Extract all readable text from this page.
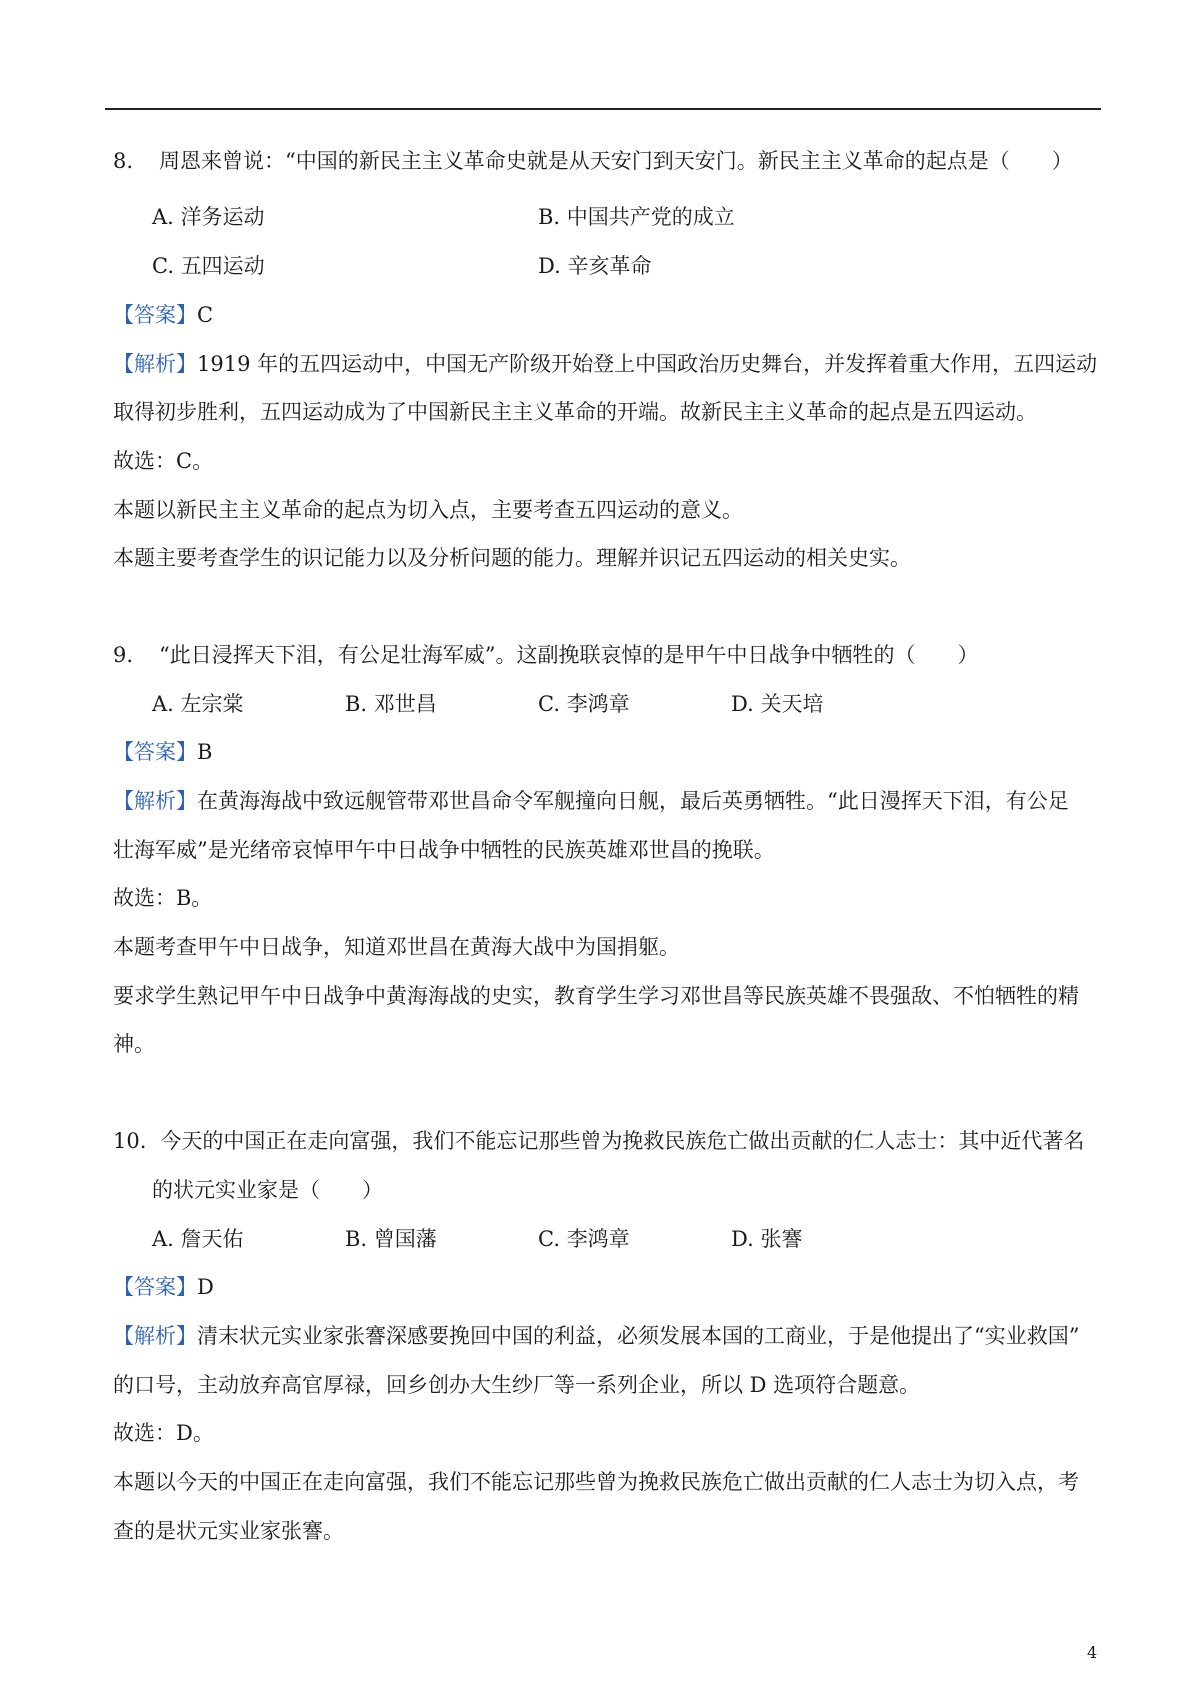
8. 周恩来曾说：“中国的新民主主义革命史就是从天安门到天安门。新民主主义革命的起点是（　　）
A. 洋务运动	B. 中国共产党的成立
C. 五四运动	D. 辛亥革命
【答案】C
【解析】1919 年的五四运动中，中国无产阶级开始登上中国政治历史舞台，并发挥着重大作用，五四运动
取得初步胜利，五四运动成为了中国新民主主义革命的开端。故新民主主义革命的起点是五四运动。
故选：C。
本题以新民主主义革命的起点为切入点，主要考查五四运动的意义。
本题主要考查学生的识记能力以及分析问题的能力。理解并识记五四运动的相关史实。
9. “此日浸挥天下泪，有公足壮海军威”。这副挽联哀悼的是甲午中日战争中牺牲的（　　）
A. 左宗棠	B. 邓世昌	C. 李鸿章	D. 关天培
【答案】B
【解析】在黄海海战中致远舰管带邓世昌命令军舰撞向日舰，最后英勇牺牲。“此日漫挥天下泪，有公足
壮海军威”是光绪帝哀悼甲午中日战争中牺牲的民族英雄邓世昌的挽联。
故选：B。
本题考查甲午中日战争，知道邓世昌在黄海大战中为国捐躯。
要求学生熟记甲午中日战争中黄海海战的史实，教育学生学习邓世昌等民族英雄不畏强敌、不怕牺牲的精
神。
10. 今天的中国正在走向富强，我们不能忘记那些曾为挽救民族危亡做出贡献的仁人志士：其中近代著名
的状元实业家是（　　）
A. 詹天佑	B. 曾国藩	C. 李鸿章	D. 张謇
【答案】D
【解析】清末状元实业家张謇深感要挽回中国的利益，必须发展本国的工商业，于是他提出了“实业救国”
的口号，主动放弃高官厚禄，回乡创办大生纱厂等一系列企业，所以 D 选项符合题意。
故选：D。
本题以今天的中国正在走向富强，我们不能忘记那些曾为挽救民族危亡做出贡献的仁人志士为切入点，考
查的是状元实业家张謇。
4
